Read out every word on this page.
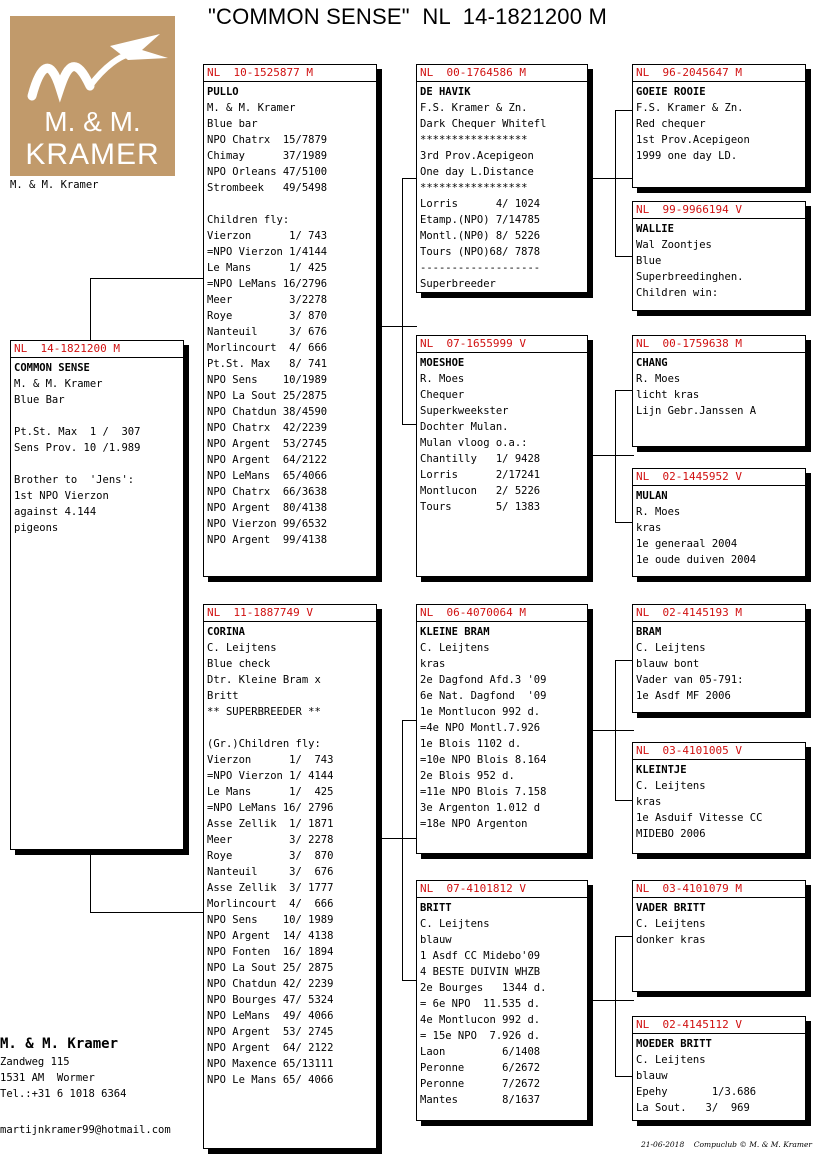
"COMMON SENSE"  NL  14-1821200 M
M. & M.
KRAMER
M. & M. Kramer
NL  14-1821200 M
COMMON SENSE
M. & M. Kramer
Blue Bar
Pt.St. Max  1 /  307
Sens Prov. 10 /1.989
Brother to  'Jens':
1st NPO Vierzon
against 4.144
pigeons
NL  10-1525877 M
PULLO
M. & M. Kramer
Blue bar
NPO Chatrx  15/7879
Chimay      37/1989
NPO Orleans 47/5100
Strombeek   49/5498
Children fly:
Vierzon      1/ 743
=NPO Vierzon 1/4144
Le Mans      1/ 425
=NPO LeMans 16/2796
Meer         3/2278
Roye         3/ 870
Nanteuil     3/ 676
Morlincourt  4/ 666
Pt.St. Max   8/ 741
NPO Sens    10/1989
NPO La Sout 25/2875
NPO Chatdun 38/4590
NPO Chatrx  42/2239
NPO Argent  53/2745
NPO Argent  64/2122
NPO LeMans  65/4066
NPO Chatrx  66/3638
NPO Argent  80/4138
NPO Vierzon 99/6532
NPO Argent  99/4138
NL  11-1887749 V
CORINA
C. Leijtens
Blue check
Dtr. Kleine Bram x
Britt
** SUPERBREEDER **
(Gr.)Children fly:
Vierzon      1/  743
=NPO Vierzon 1/ 4144
Le Mans      1/  425
=NPO LeMans 16/ 2796
Asse Zellik  1/ 1871
Meer         3/ 2278
Roye         3/  870
Nanteuil     3/  676
Asse Zellik  3/ 1777
Morlincourt  4/  666
NPO Sens    10/ 1989
NPO Argent  14/ 4138
NPO Fonten  16/ 1894
NPO La Sout 25/ 2875
NPO Chatdun 42/ 2239
NPO Bourges 47/ 5324
NPO LeMans  49/ 4066
NPO Argent  53/ 2745
NPO Argent  64/ 2122
NPO Maxence 65/13111
NPO Le Mans 65/ 4066
NL  00-1764586 M
DE HAVIK
F.S. Kramer & Zn.
Dark Chequer Whitefl
*****************
3rd Prov.Acepigeon
One day L.Distance
*****************
Lorris      4/ 1024
Etamp.(NPO) 7/14785
Montl.(NP0) 8/ 5226
Tours (NPO)68/ 7878
-------------------
Superbreeder
NL  07-1655999 V
MOESHOE
R. Moes
Chequer
Superkweekster
Dochter Mulan.
Mulan vloog o.a.:
Chantilly   1/ 9428
Lorris      2/17241
Montlucon   2/ 5226
Tours       5/ 1383
NL  06-4070064 M
KLEINE BRAM
C. Leijtens
kras
2e Dagfond Afd.3 '09
6e Nat. Dagfond  '09
1e Montlucon 992 d.
=4e NPO Montl.7.926
1e Blois 1102 d.
=10e NPO Blois 8.164
2e Blois 952 d.
=11e NPO Blois 7.158
3e Argenton 1.012 d
=18e NPO Argenton
NL  07-4101812 V
BRITT
C. Leijtens
blauw
1 Asdf CC Midebo'09
4 BESTE DUIVIN WHZB
2e Bourges   1344 d.
= 6e NPO  11.535 d.
4e Montlucon 992 d.
= 15e NPO  7.926 d.
Laon         6/1408
Peronne      6/2672
Peronne      7/2672
Mantes       8/1637
NL  96-2045647 M
GOEIE ROOIE
F.S. Kramer & Zn.
Red chequer
1st Prov.Acepigeon
1999 one day LD.
NL  99-9966194 V
WALLIE
Wal Zoontjes
Blue
Superbreedinghen.
Children win:
NL  00-1759638 M
CHANG
R. Moes
licht kras
Lijn Gebr.Janssen A
NL  02-1445952 V
MULAN
R. Moes
kras
1e generaal 2004
1e oude duiven 2004
NL  02-4145193 M
BRAM
C. Leijtens
blauw bont
Vader van 05-791:
1e Asdf MF 2006
NL  03-4101005 V
KLEINTJE
C. Leijtens
kras
1e Asduif Vitesse CC
MIDEBO 2006
NL  03-4101079 M
VADER BRITT
C. Leijtens
donker kras
NL  02-4145112 V
MOEDER BRITT
C. Leijtens
blauw
Epehy       1/3.686
La Sout.   3/  969
M. & M. Kramer
Zandweg 115
1531 AM  Wormer
Tel.:+31 6 1018 6364
martijnkramer99@hotmail.com
21-06-2018    Compuclub © M. & M. Kramer
